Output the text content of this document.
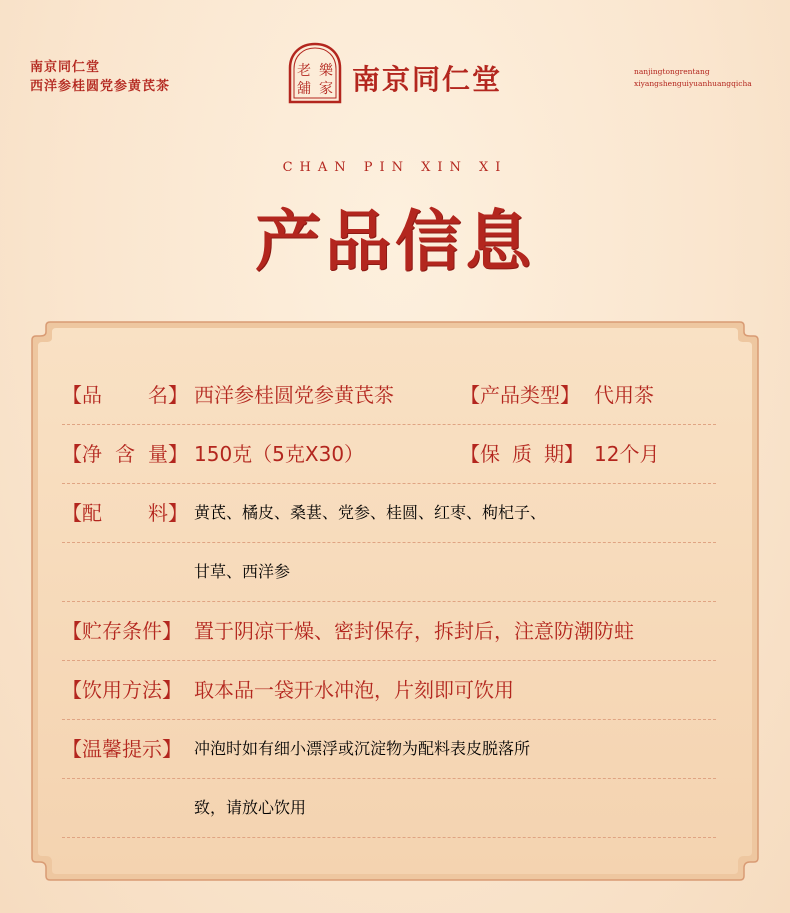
南京同仁堂
西洋参桂圆党参黄芪茶
老 樂
舖 家 南京同仁堂	nanjingtongrentang
xiyangshenguiyuanhuangqicha
CHAN PIN XIN XI
产品信息
【品 名】 西洋参桂圆党参黄芪茶	【产品类型】 代用茶
【净 含 量】 150克（5克X30）	【保 质 期】 12个月
【配 料】 黄芪、橘皮、桑葚、党参、桂圆、红枣、枸杞子、
甘草、西洋参
【贮存条件】 置于阴凉干燥、密封保存，拆封后，注意防潮防蛀
【饮用方法】 取本品一袋开水冲泡，片刻即可饮用
【温馨提示】 冲泡时如有细小漂浮或沉淀物为配料表皮脱落所
致，请放心饮用
